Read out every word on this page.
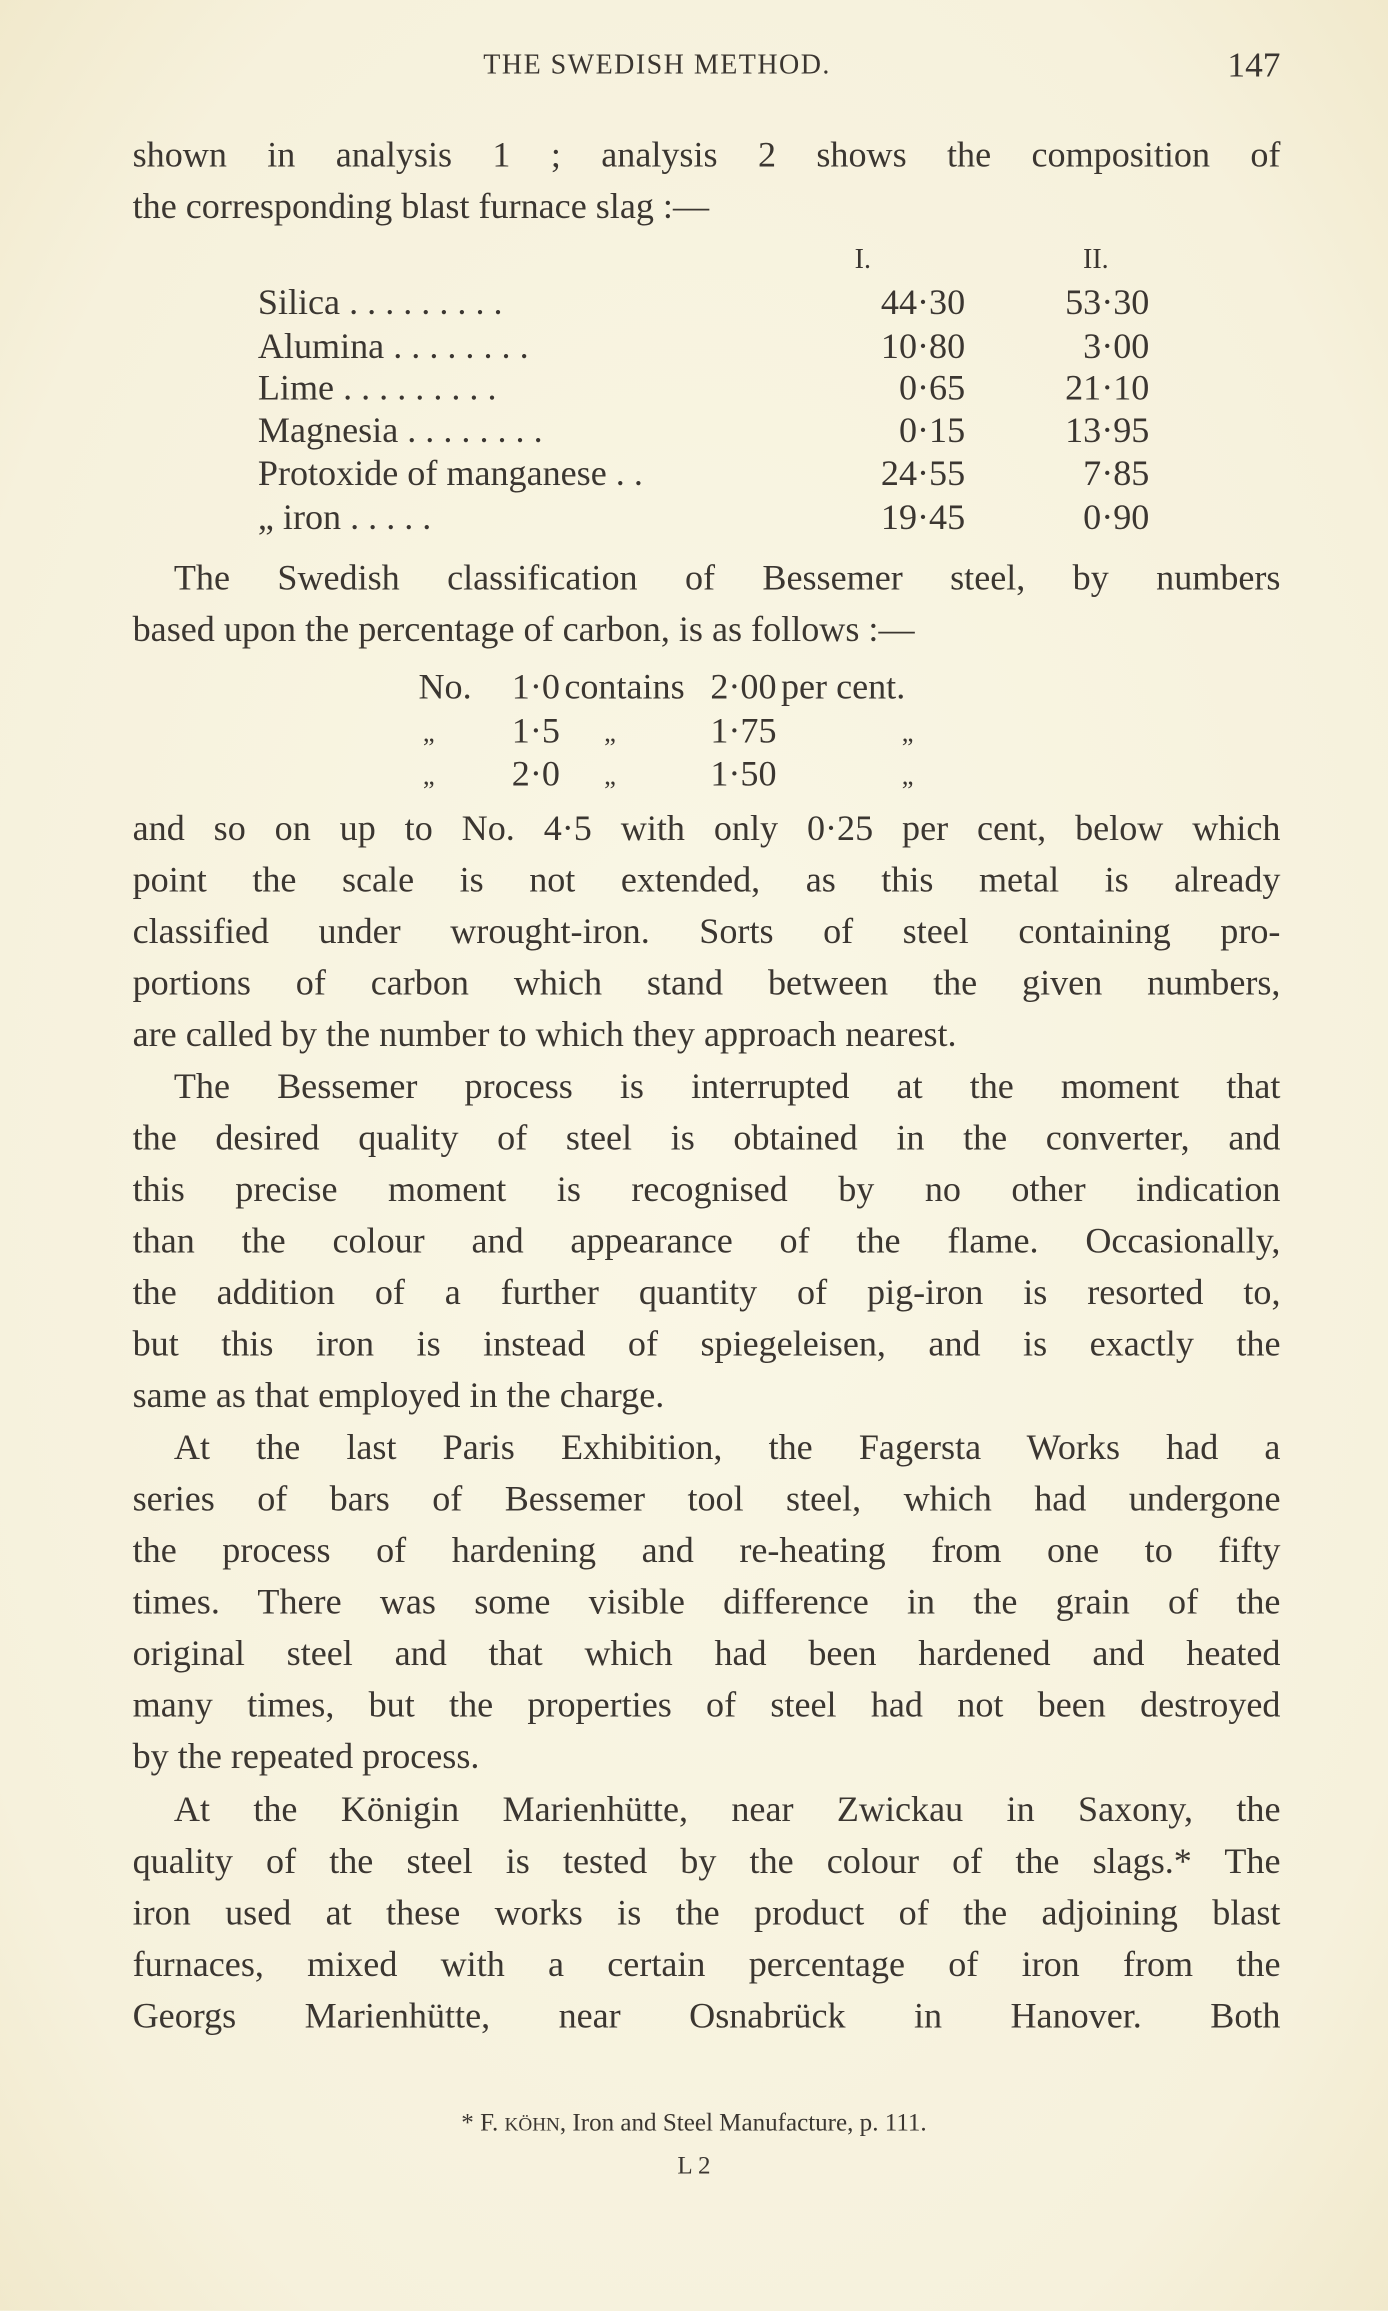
THE SWEDISH METHOD.	147
shown in analysis 1 ; analysis 2 shows the composition of
the corresponding blast furnace slag :—
The Swedish classification of Bessemer steel, by numbers
based upon the percentage of carbon, is as follows :—
and so on up to No. 4·5 with only 0·25 per cent, below which
point the scale is not extended, as this metal is already
classified under wrought-iron. Sorts of steel containing pro-
portions of carbon which stand between the given numbers,
are called by the number to which they approach nearest.
The Bessemer process is interrupted at the moment that
the desired quality of steel is obtained in the converter, and
this precise moment is recognised by no other indication
than the colour and appearance of the flame. Occasionally,
the addition of a further quantity of pig-iron is resorted to,
but this iron is instead of spiegeleisen, and is exactly the
same as that employed in the charge.
At the last Paris Exhibition, the Fagersta Works had a
series of bars of Bessemer tool steel, which had undergone
the process of hardening and re-heating from one to fifty
times. There was some visible difference in the grain of the
original steel and that which had been hardened and heated
many times, but the properties of steel had not been destroyed
by the repeated process.
At the Königin Marienhütte, near Zwickau in Saxony, the
quality of the steel is tested by the colour of the slags.* The
iron used at these works is the product of the adjoining blast
furnaces, mixed with a certain percentage of iron from the
Georgs Marienhütte, near Osnabrück in Hanover. Both
I.	II.
Silica . . . . . . . . .	44·30	53·30
Alumina . . . . . . . .	10·80	3·00
Lime . . . . . . . . .	0·65	21·10
Magnesia . . . . . . . .	0·15	13·95
Protoxide of manganese . .	24·55	7·85
„ iron . . . . .	19·45	0·90
No. 1·0 contains 2·00 per cent.
„	1·5 „	1·75	„
„	2·0 „	1·50	„
* F. KÖHN, Iron and Steel Manufacture, p. 111.
L 2
